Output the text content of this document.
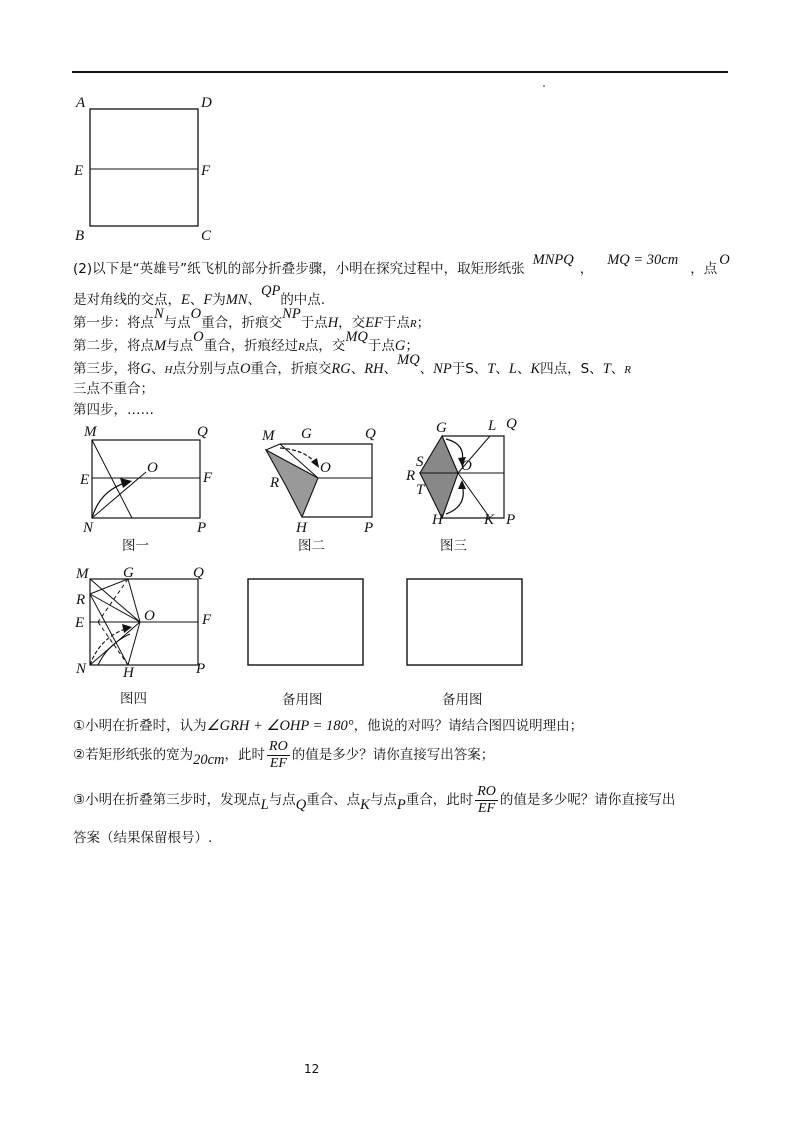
A	D
E	F
B	C
(2)以下是“英雄号”纸飞机的部分折叠步骤，小明在探究过程中，取矩形纸张MNPQ，MQ = 30cm，点O
是对角线的交点，E、F为MN、QP的中点.
第一步：将点N与点O重合，折痕交NP于点H，交EF于点R；
第二步，将点M与点O重合，折痕经过R点，交MQ于点G；
第三步，将G、H点分别与点O重合，折痕交RG、RH、MQ、NP于S、T、L、K四点，S、T、R
三点不重合；
第四步，……
M	Q
E
O
F
N	P
图一
M G	Q
O
R
H	P
图二
G	L Q
S	O
R
T
H	K P
图三
M G	Q
R
E	O	F
N H	P
图四	备用图	备用图
①小明在折叠时，认为∠GRH + ∠OHP = 180°，他说的对吗？请结合图四说明理由；
②若矩形纸张的宽为20cm，此时 $\frac{RO}{EF}$ 的值是多少？请你直接写出答案；
③小明在折叠第三步时，发现点L与点Q重合、点K与点P重合，此时 $\frac{RO}{EF}$ 的值是多少呢？请你直接写出
答案（结果保留根号）.
12
